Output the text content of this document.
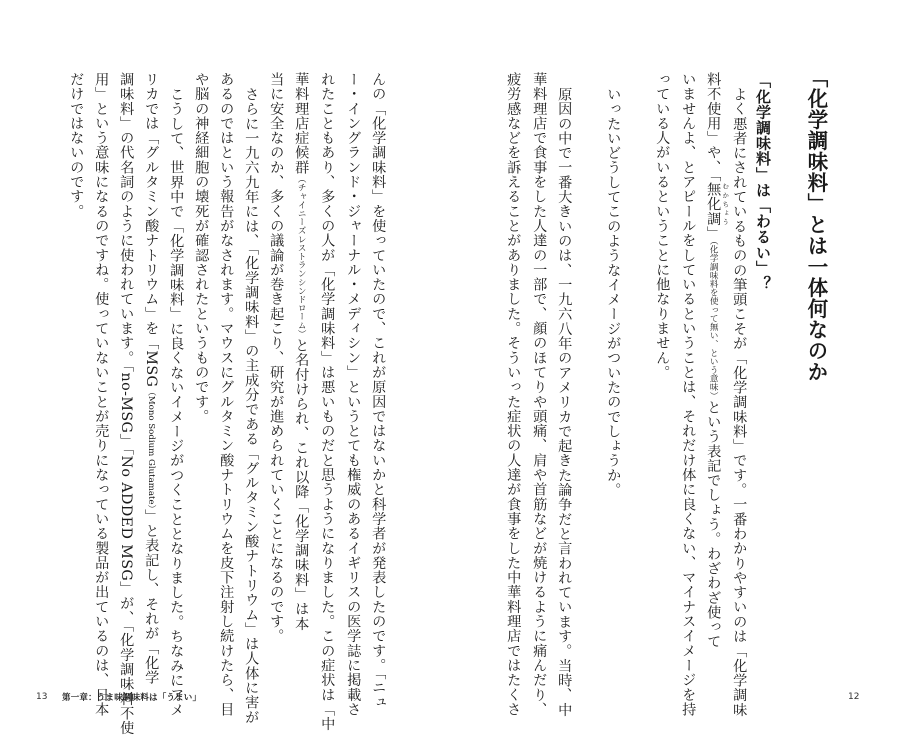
「化学調味料」とは一体何なのか
「化学調味料」は「わるい」？
よく悪者にされているものの筆頭こそが「化学調味料」です。一番わかりやすいのは「化学調味
料不使用」や、「無化調 むかちょう」（化学調味料を使って無い、という意味）という表記でしょう。わざわざ使って
いませんよ、とアピールをしているということは、それだけ体に良くない、マイナスイメージを持
っている人がいるということに他なりません。
いったいどうしてこのようなイメージがついたのでしょうか。
原因の中で一番大きいのは、一九六八年のアメリカで起きた論争だと言われています。当時、中
華料理店で食事をした人達の一部で、顔のほてりや頭痛、肩や首筋などが焼けるように痛んだり、
疲労感などを訴えることがありました。そういった症状の人達が食事をした中華料理店ではたくさ	12
んの「化学調味料」を使っていたので、これが原因ではないかと科学者が発表したのです。「ニュ
ー・イングランド・ジャーナル・メディシン」というとても権威のあるイギリスの医学誌に掲載さ
れたこともあり、多くの人が「化学調味料」は悪いものだと思うようになりました。この症状は「中
華料理店症候群（チャイニーズレストランシンドローム）と名付けられ、これ以降「化学調味料」は本
当に安全なのか、多くの議論が巻き起こり、研究が進められていくことになるのです。
さらに一九六九年には、「化学調味料」の主成分である「グルタミン酸ナトリウム」は人体に害が
あるのではという報告がなされます。マウスにグルタミン酸ナトリウムを皮下注射し続けたら、目
や脳の神経細胞の壊死が確認されたというものです。
こうして、世界中で「化学調味料」に良くないイメージがつくこととなりました。ちなみにアメ
リカでは「グルタミン酸ナトリウム」を「MSG（Mono Sodium Glutamate）」と表記し、それが「化学
調味料」の代名詞のように使われています。「no-MSG」「No ADDED MSG」が、「化学調味料不使
用」という意味になるのですね。使っていないことが売りになっている製品が出ているのは、日本
だけではないのです。
13 第一章：うま味調味料は「うまい」
